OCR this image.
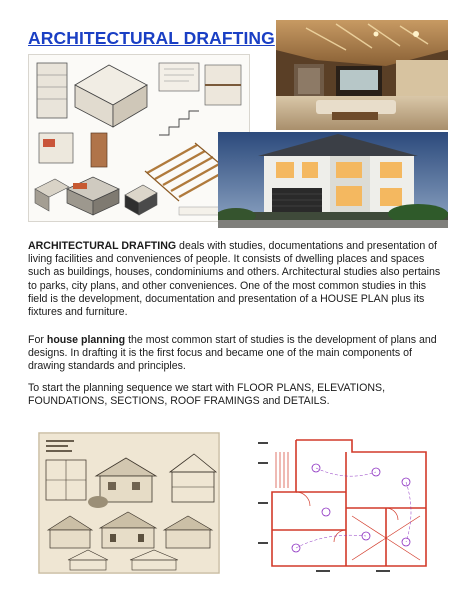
ARCHITECTURAL DRAFTING
ARCHITECTURAL DRAFTING deals with studies, documentations and presentation of living facilities and conveniences of people. It consists of dwelling places and spaces such as buildings, houses, condominiums and others. Architectural studies also pertains to parks, city plans, and other conveniences. One of the most common studies in this field is the development, documentation and presentation of a HOUSE PLAN plus its fixtures and furniture.
For house planning the most common start of studies is the development of plans and designs. In drafting it is the first focus and became one of the main components of drawing standards and principles.
To start the planning sequence we start with FLOOR PLANS, ELEVATIONS, FOUNDATIONS, SECTIONS, ROOF FRAMINGS and DETAILS.
